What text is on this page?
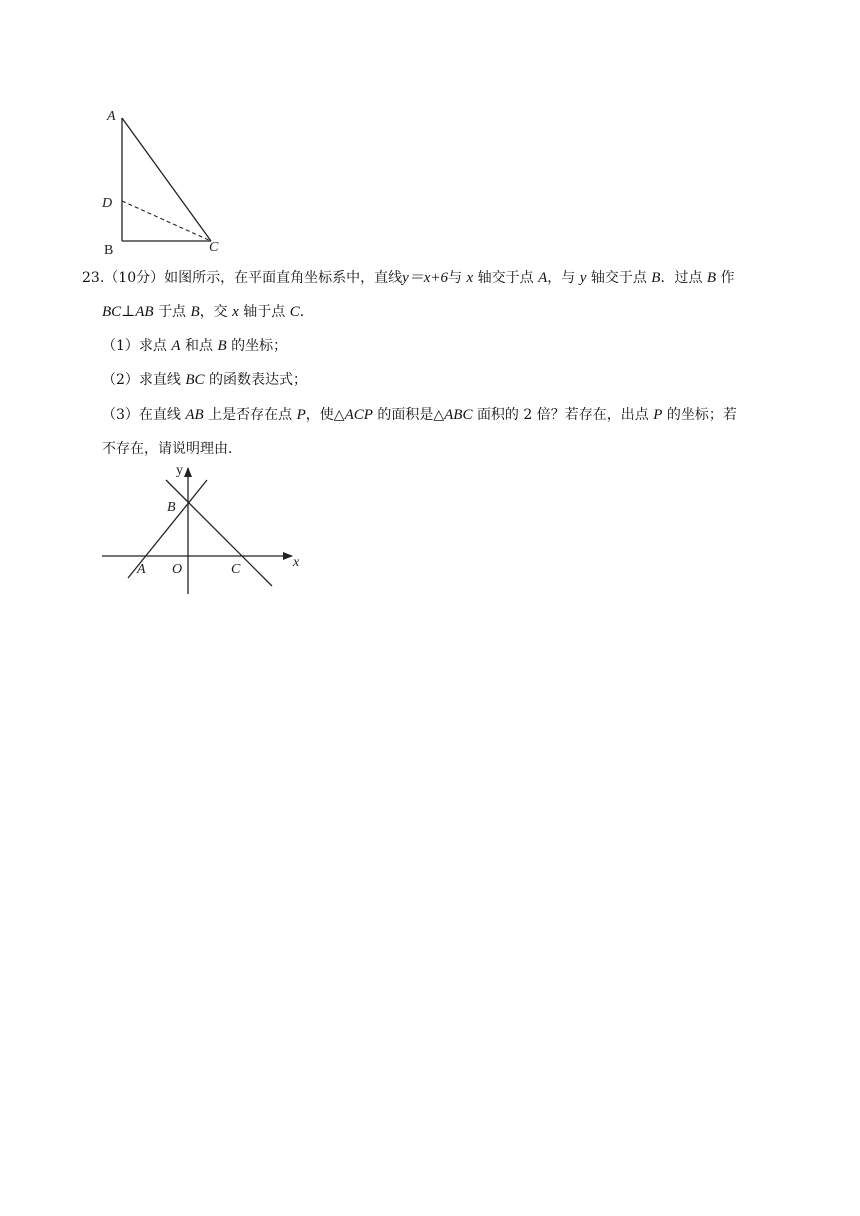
A
D
B	C
23.（10分）如图所示，在平面直角坐标系中，直线y＝x+6与 x 轴交于点 A，与 y 轴交于点 B．过点 B 作
BC⊥AB 于点 B，交 x 轴于点 C．
（1）求点 A 和点 B 的坐标；
（2）求直线 BC 的函数表达式；
（3）在直线 AB 上是否存在点 P，使△ACP 的面积是△ABC 面积的 2 倍？若存在，出点 P 的坐标；若
不存在，请说明理由．
y
B
A O	C	x
